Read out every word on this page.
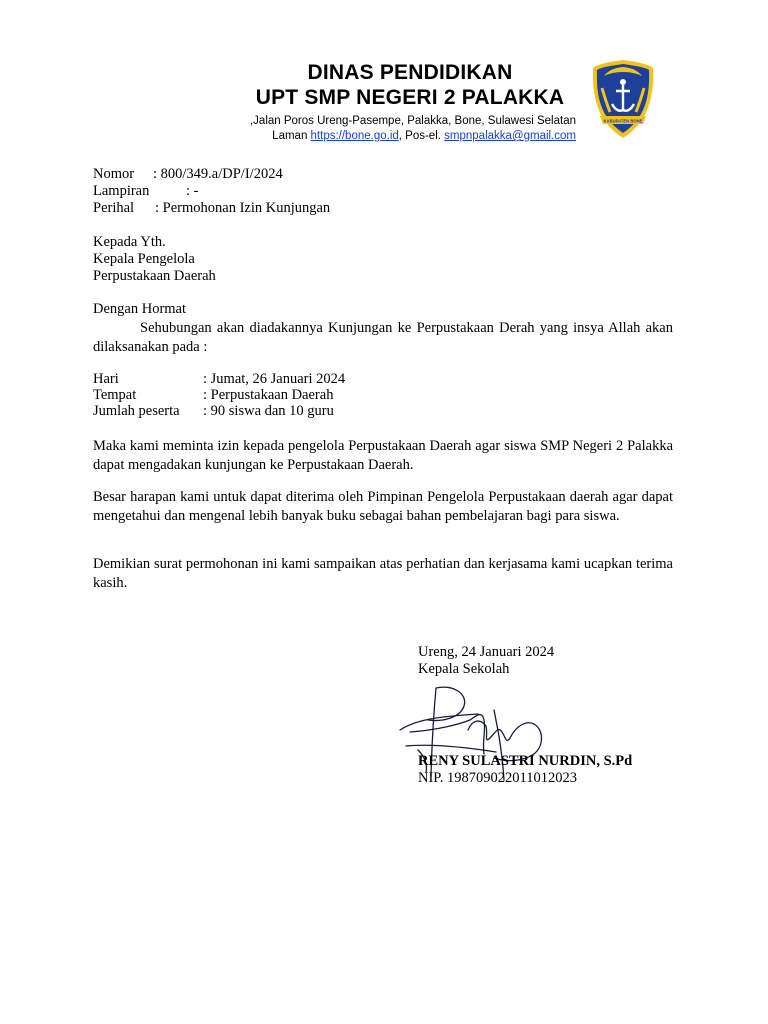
DINAS PENDIDIKAN
UPT SMP NEGERI 2 PALAKKA
,Jalan Poros Ureng-Pasempe, Palakka, Bone, Sulawesi Selatan
Laman https://bone.go.id, Pos-el. smpnpalakka@gmail.com
KABUPATEN BONE
Nomor : 800/349.a/DP/I/2024
Lampiran	: -
Perihal : Permohonan Izin Kunjungan
Kepada Yth.
Kepala Pengelola
Perpustakaan Daerah
Dengan Hormat
Sehubungan akan diadakannya Kunjungan ke Perpustakaan Derah yang insya Allah akan dilaksanakan pada :
Hari	: Jumat, 26 Januari 2024
Tempat	: Perpustakaan Daerah
Jumlah peserta : 90 siswa dan 10 guru
Maka kami meminta izin kepada pengelola Perpustakaan Daerah agar siswa SMP Negeri 2 Palakka dapat mengadakan kunjungan ke Perpustakaan Daerah.
Besar harapan kami untuk dapat diterima oleh Pimpinan Pengelola Perpustakaan daerah agar dapat mengetahui dan mengenal lebih banyak buku sebagai bahan pembelajaran bagi para siswa.
Demikian surat permohonan ini kami sampaikan atas perhatian dan kerjasama kami ucapkan terima kasih.
Ureng, 24 Januari 2024
Kepala Sekolah
RENY SULASTRI NURDIN, S.Pd
NIP. 198709022011012023
